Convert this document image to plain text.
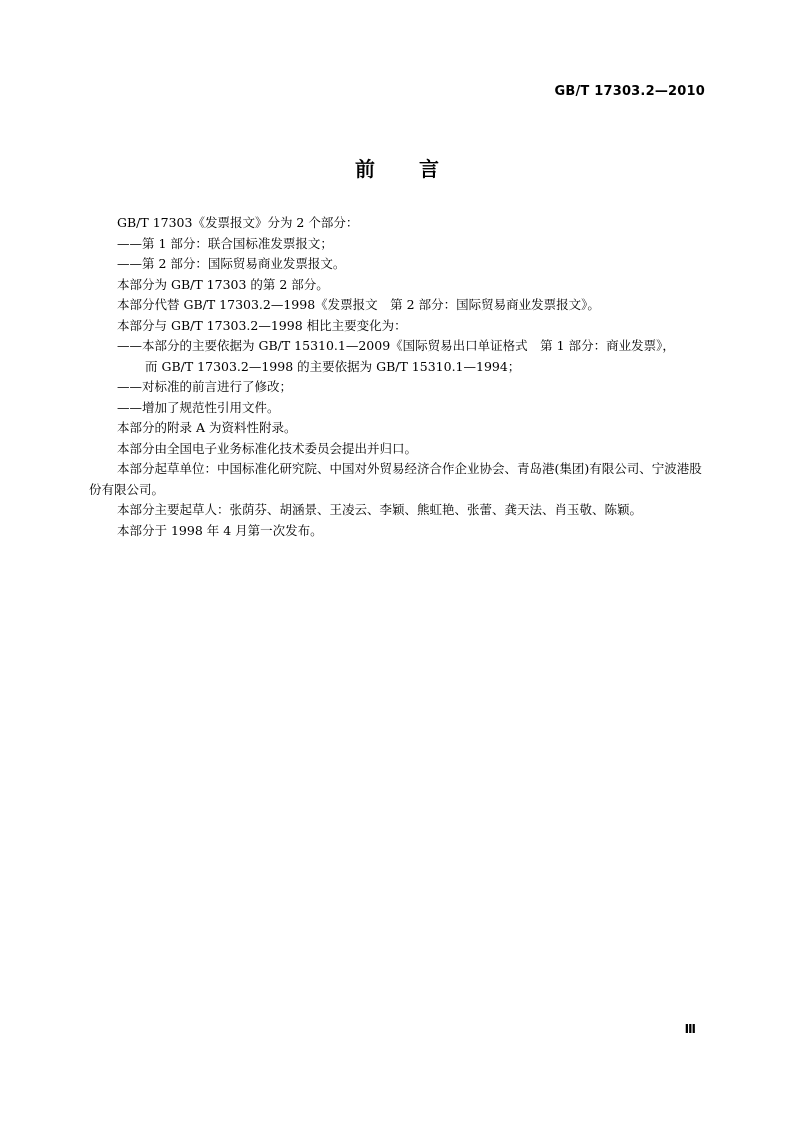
GB/T 17303.2—2010
前言

GB/T 17303《发票报文》分为 2 个部分：

——第 1 部分：联合国标准发票报文；

——第 2 部分：国际贸易商业发票报文。

本部分为 GB/T 17303 的第 2 部分。

本部分代替 GB/T 17303.2—1998《发票报文　第 2 部分：国际贸易商业发票报文》。

本部分与 GB/T 17303.2—1998 相比主要变化为：

——本部分的主要依据为 GB/T 15310.1—2009《国际贸易出口单证格式　第 1 部分：商业发票》，

而 GB/T 17303.2—1998 的主要依据为 GB/T 15310.1—1994；

——对标准的前言进行了修改；

——增加了规范性引用文件。

本部分的附录 A 为资料性附录。

本部分由全国电子业务标准化技术委员会提出并归口。

本部分起草单位：中国标准化研究院、中国对外贸易经济合作企业协会、青岛港(集团)有限公司、宁波港股份有限公司。

本部分主要起草人：张荫芬、胡涵景、王凌云、李颖、熊虹艳、张蕾、龚天法、肖玉敬、陈颖。

本部分于 1998 年 4 月第一次发布。

Ⅲ
